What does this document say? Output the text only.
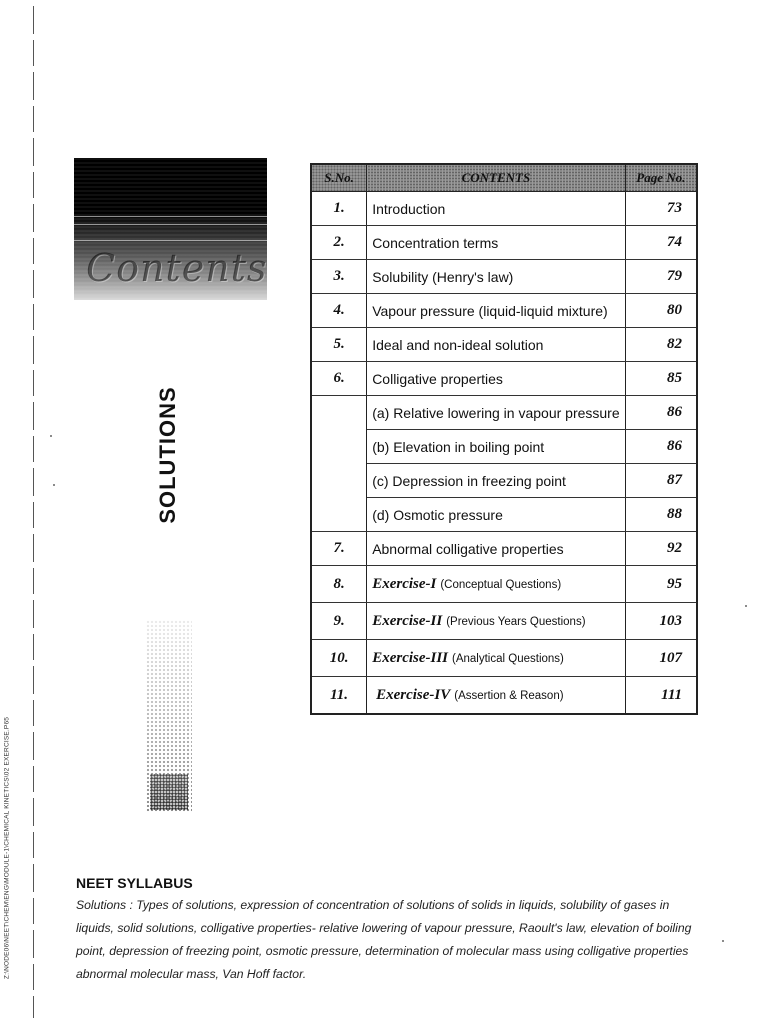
Z:\NODE06\NEET\CHEM\ENG\MODULE-1\CHEMICAL KINETICS\02 EXERCISE.P65
Contents
SOLUTIONS
S.No.	CONTENTS	Page No.
1.	Introduction	73
2.	Concentration terms	74
3.	Solubility (Henry's law)	79
4.	Vapour pressure (liquid-liquid mixture)	80
5.	Ideal and non-ideal solution	82
6.	Colligative properties	85
	(a) Relative lowering in vapour pressure	86
	(b) Elevation in boiling point	86
	(c) Depression in freezing point	87
	(d) Osmotic pressure	88
7.	Abnormal colligative properties	92
8.	Exercise-I (Conceptual Questions)	95
9.	Exercise-II (Previous Years Questions)	103
10.	Exercise-III (Analytical Questions)	107
11.	Exercise-IV (Assertion & Reason)	111
NEET SYLLABUS
Solutions : Types of solutions, expression of concentration of solutions of solids in liquids, solubility of gases in liquids, solid solutions, colligative properties- relative lowering of vapour pressure, Raoult's law, elevation of boiling point, depression of freezing point, osmotic pressure, determination of molecular mass using colligative properties abnormal molecular mass, Van Hoff factor.
